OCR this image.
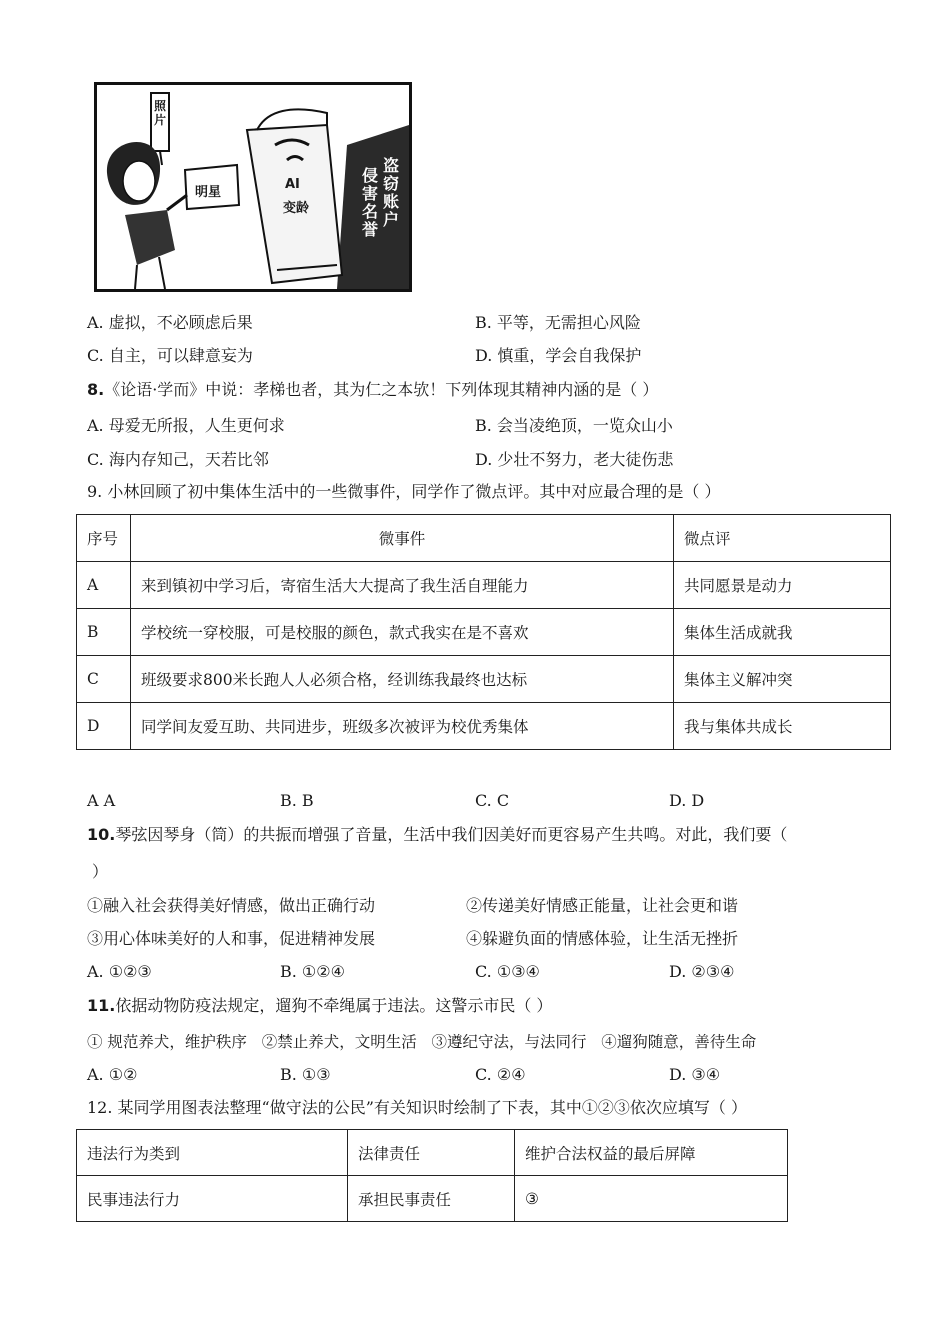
照片
明星
AI
变龄
盗窃账户
侵害名誉
A. 虚拟，不必顾虑后果	B. 平等，无需担心风险
C. 自主，可以肆意妄为	D. 慎重，学会自我保护
8.《论语·学而》中说：孝梯也者，其为仁之本欤！下列体现其精神内涵的是（ ）
A. 母爱无所报，人生更何求	B. 会当凌绝顶，一览众山小
C. 海内存知己，天若比邻	D. 少壮不努力，老大徒伤悲
9. 小林回顾了初中集体生活中的一些微事件，同学作了微点评。其中对应最合理的是（ ）
序号	微事件	微点评
A	来到镇初中学习后，寄宿生活大大提高了我生活自理能力	共同愿景是动力
B	学校统一穿校服，可是校服的颜色，款式我实在是不喜欢	集体生活成就我
C	班级要求800米长跑人人必须合格，经训练我最终也达标	集体主义解冲突
D	同学间友爱互助、共同进步，班级多次被评为校优秀集体	我与集体共成长
A A	B. B	C. C	D. D
10.琴弦因琴身（筒）的共振而增强了音量，生活中我们因美好而更容易产生共鸣。对此，我们要（
）
①融入社会获得美好情感，做出正确行动	②传递美好情感正能量，让社会更和谐
③用心体味美好的人和事，促进精神发展	④躲避负面的情感体验，让生活无挫折
A. ①②③	B. ①②④	C. ①③④	D. ②③④
11.依据动物防疫法规定，遛狗不牵绳属于违法。这警示市民（ ）
① 规范养犬，维护秩序   ②禁止养犬，文明生活   ③遵纪守法，与法同行   ④遛狗随意，善待生命
A. ①②	B. ①③	C. ②④	D. ③④
12. 某同学用图表法整理“做守法的公民”有关知识时绘制了下表，其中①②③依次应填写（ ）
违法行为类到	法律责任	维护合法权益的最后屏障
民事违法行力	承担民事责任	③
